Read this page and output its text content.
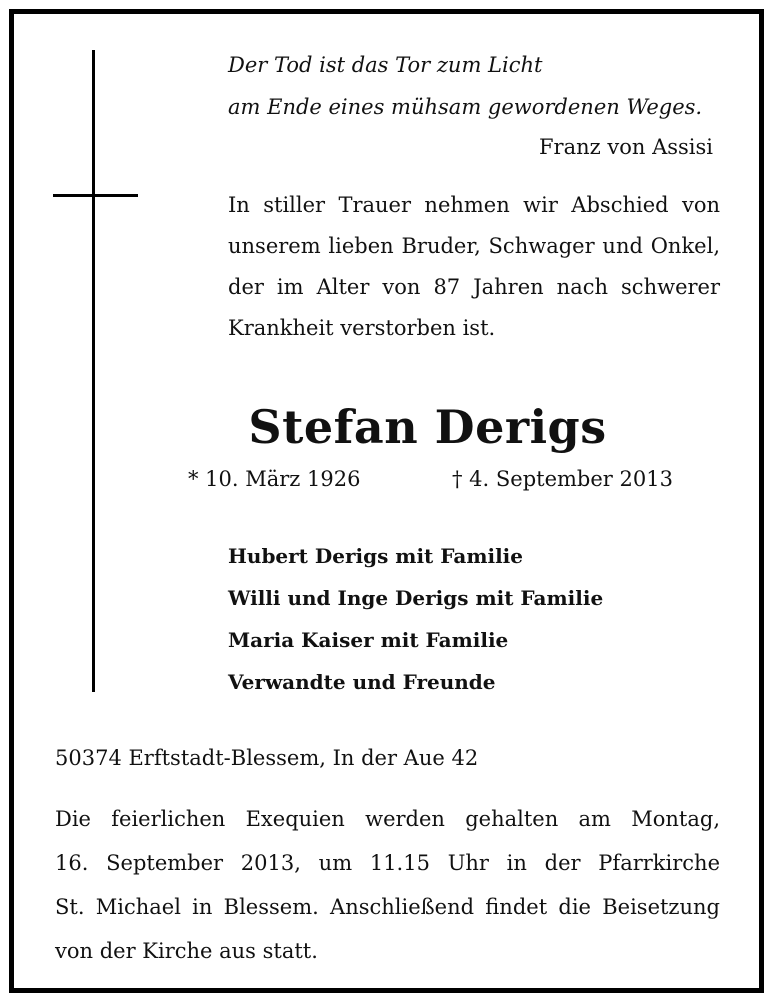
Der Tod ist das Tor zum Licht
am Ende eines mühsam gewordenen Weges.
Franz von Assisi
In stiller Trauer nehmen wir Abschied von
unserem lieben Bruder, Schwager und Onkel,
der im Alter von 87 Jahren nach schwerer
Krankheit verstorben ist.
Stefan Derigs
* 10. März 1926	† 4. September 2013
Hubert Derigs mit Familie
Willi und Inge Derigs mit Familie
Maria Kaiser mit Familie
Verwandte und Freunde
50374 Erftstadt-Blessem, In der Aue 42
Die feierlichen Exequien werden gehalten am Montag,
16. September 2013, um 11.15 Uhr in der Pfarrkirche
St. Michael in Blessem. Anschließend findet die Beisetzung
von der Kirche aus statt.
